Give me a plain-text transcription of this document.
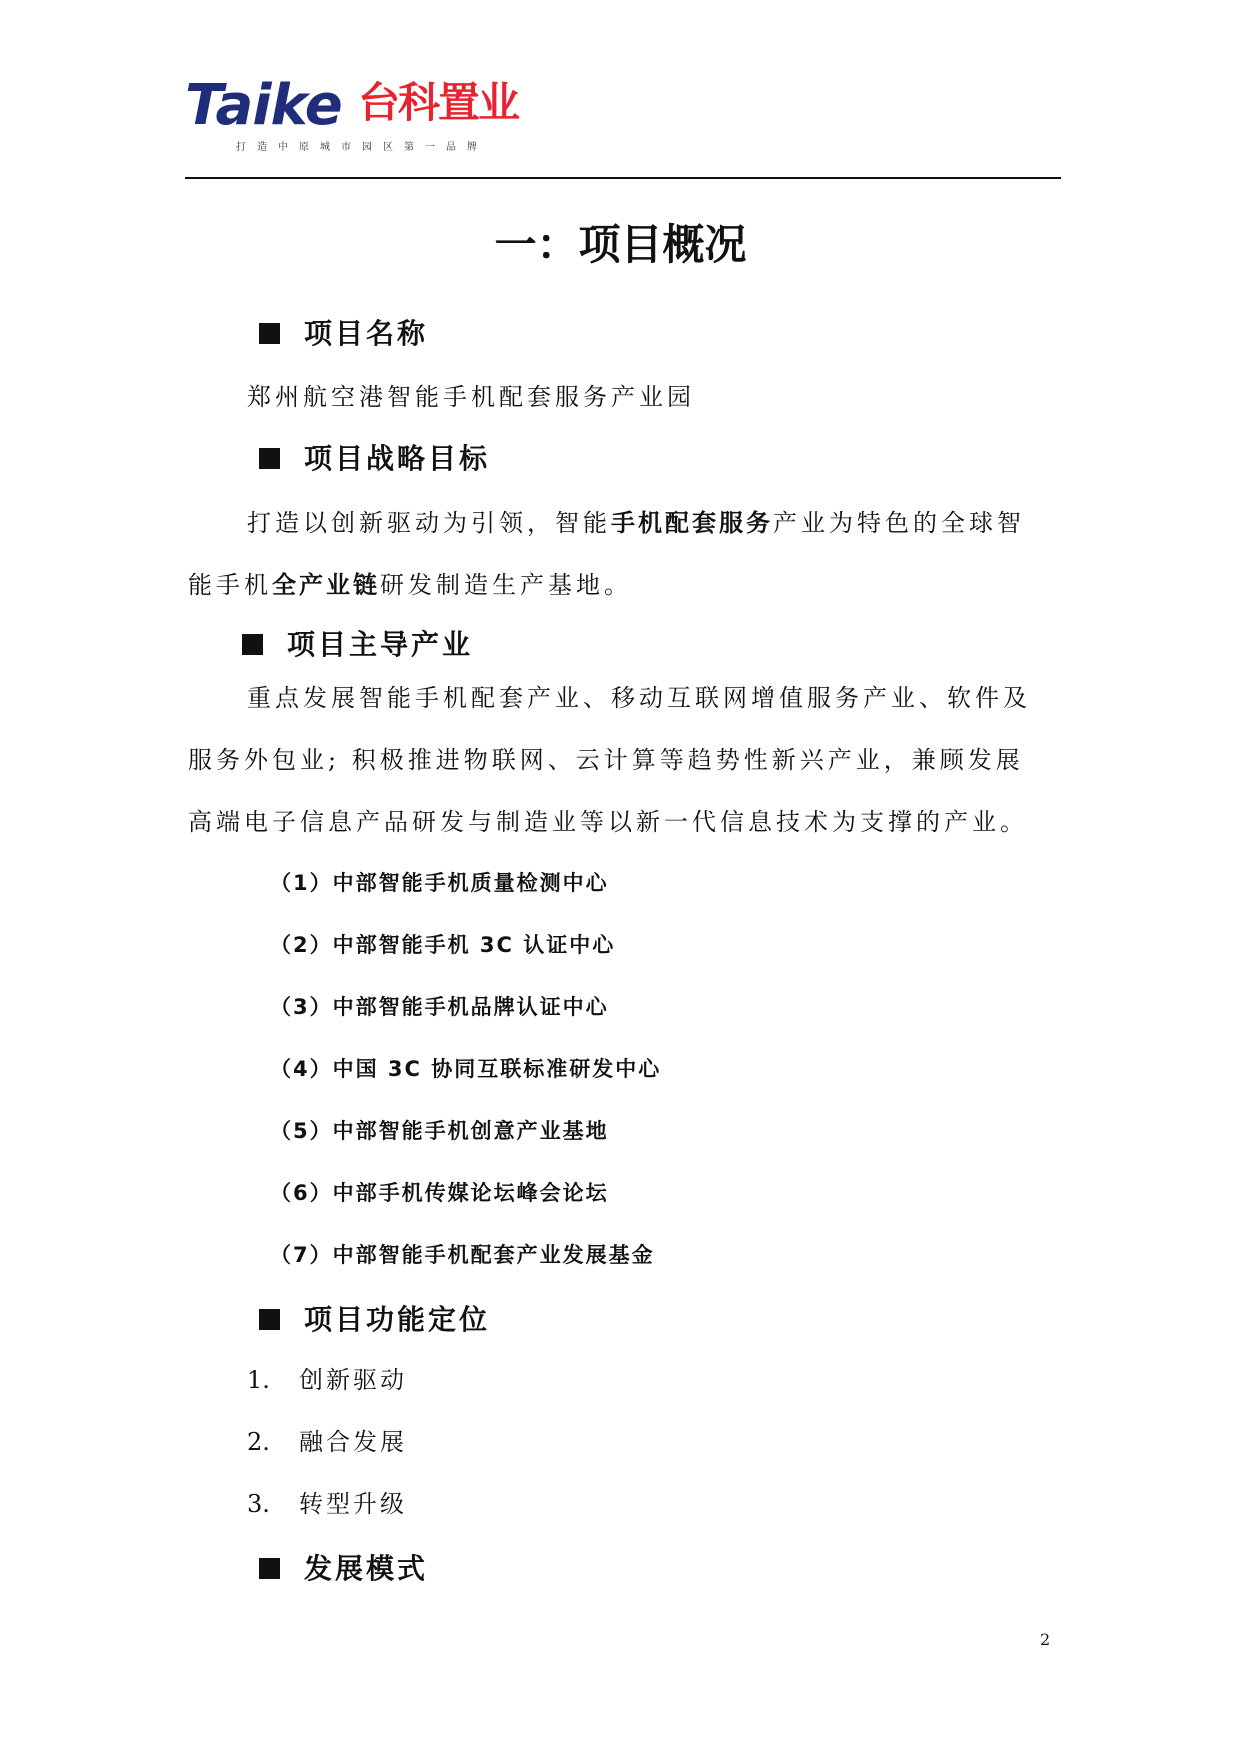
Taike 台科置业
打造中原城市园区第一品牌
一：项目概况
项目名称
郑州航空港智能手机配套服务产业园
项目战略目标
打造以创新驱动为引领，智能手机配套服务产业为特色的全球智
能手机全产业链研发制造生产基地。
项目主导产业
重点发展智能手机配套产业、移动互联网增值服务产业、软件及
服务外包业; 积极推进物联网、云计算等趋势性新兴产业，兼顾发展
高端电子信息产品研发与制造业等以新一代信息技术为支撑的产业。
（1）中部智能手机质量检测中心
（2）中部智能手机 3C 认证中心
（3）中部智能手机品牌认证中心
（4）中国 3C 协同互联标准研发中心
（5）中部智能手机创意产业基地
（6）中部手机传媒论坛峰会论坛
（7）中部智能手机配套产业发展基金
项目功能定位
1. 创新驱动
2. 融合发展
3. 转型升级
发展模式
2
